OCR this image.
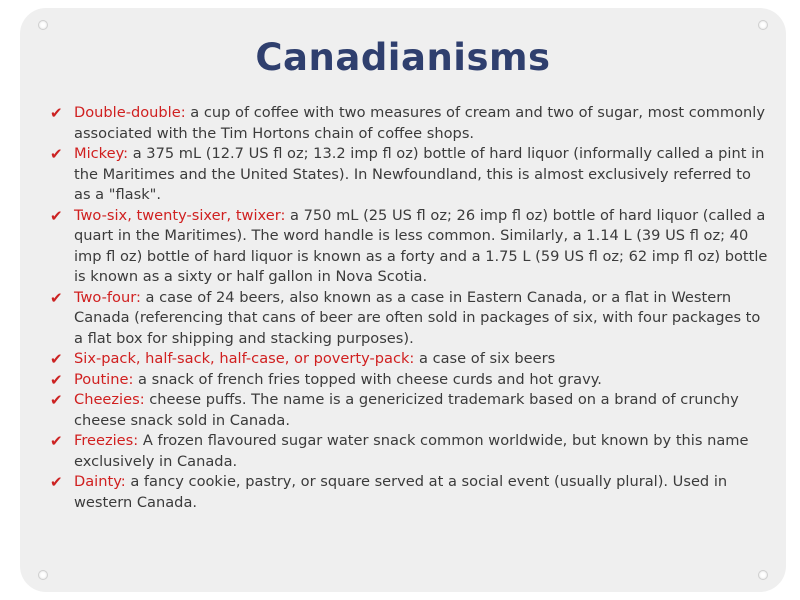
Canadianisms
✔ Double-double: a cup of coffee with two measures of cream and two of sugar, most commonly associated with the Tim Hortons chain of coffee shops.
✔ Mickey: a 375 mL (12.7 US fl oz; 13.2 imp fl oz) bottle of hard liquor (informally called a pint in the Maritimes and the United States). In Newfoundland, this is almost exclusively referred to as a "flask".
✔ Two-six, twenty-sixer, twixer: a 750 mL (25 US fl oz; 26 imp fl oz) bottle of hard liquor (called a quart in the Maritimes). The word handle is less common. Similarly, a 1.14 L (39 US fl oz; 40 imp fl oz) bottle of hard liquor is known as a forty and a 1.75 L (59 US fl oz; 62 imp fl oz) bottle is known as a sixty or half gallon in Nova Scotia.
✔ Two-four: a case of 24 beers, also known as a case in Eastern Canada, or a flat in Western Canada (referencing that cans of beer are often sold in packages of six, with four packages to a flat box for shipping and stacking purposes).
✔ Six-pack, half-sack, half-case, or poverty-pack: a case of six beers
✔ Poutine: a snack of french fries topped with cheese curds and hot gravy.
✔ Cheezies: cheese puffs. The name is a genericized trademark based on a brand of crunchy cheese snack sold in Canada.
✔ Freezies: A frozen flavoured sugar water snack common worldwide, but known by this name exclusively in Canada.
✔ Dainty: a fancy cookie, pastry, or square served at a social event (usually plural). Used in western Canada.
